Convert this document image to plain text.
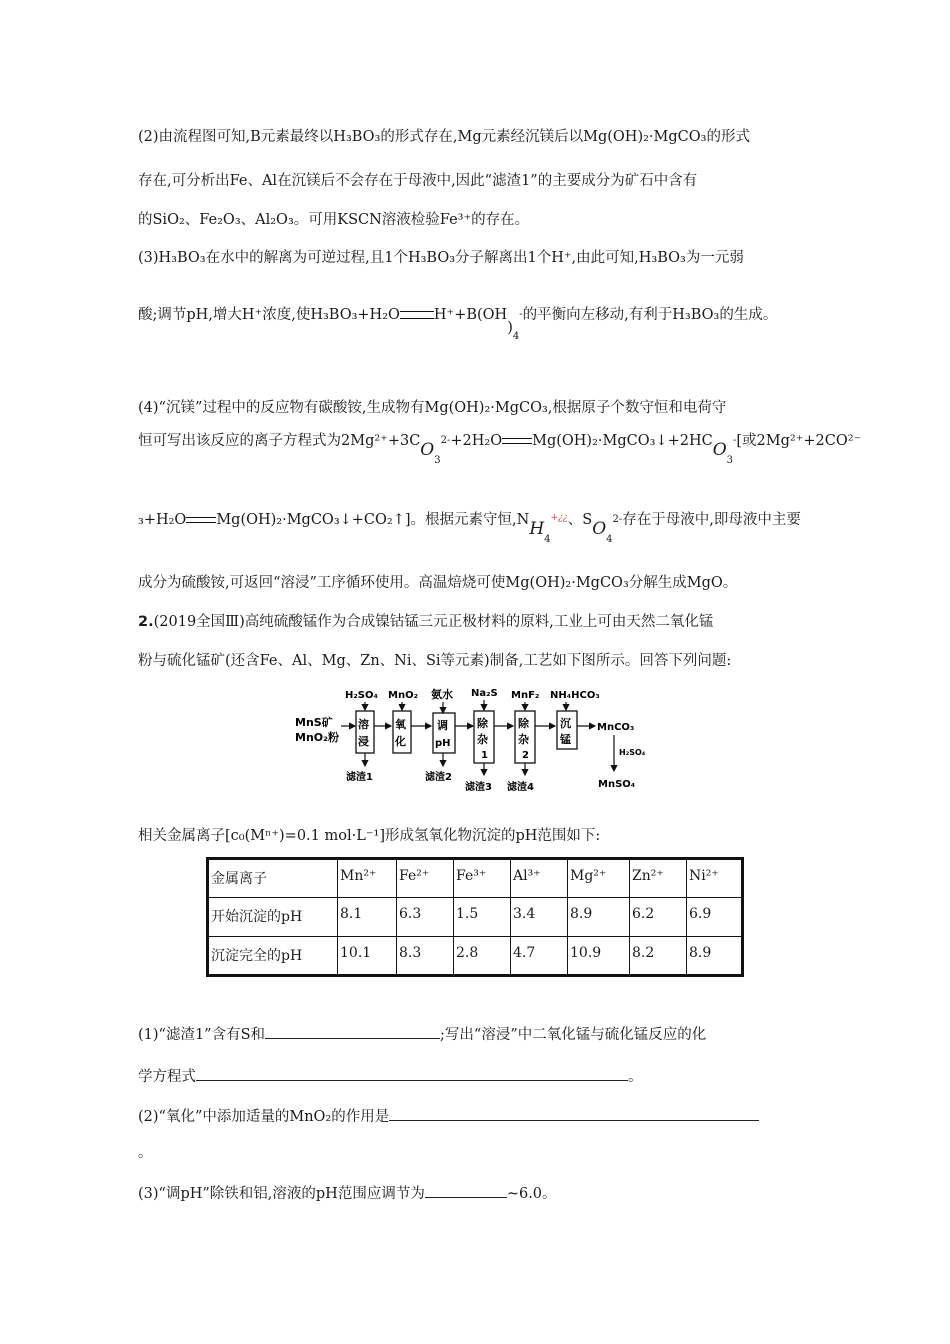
(2)由流程图可知,B元素最终以H₃BO₃的形式存在,Mg元素经沉镁后以Mg(OH)₂·MgCO₃的形式
存在,可分析出Fe、Al在沉镁后不会存在于母液中,因此“滤渣1”的主要成分为矿石中含有
的SiO₂、Fe₂O₃、Al₂O₃。可用KSCN溶液检验Fe³⁺的存在。
(3)H₃BO₃在水中的解离为可逆过程,且1个H₃BO₃分子解离出1个H⁺,由此可知,H₃BO₃为一元弱
酸;调节pH,增大H⁺浓度,使H₃BO₃+H₂O $H^++B(OH)_4-$的平衡向左移动,有利于H₃BO₃的生成。
(4)“沉镁”过程中的反应物有碳酸铵,生成物有Mg(OH)₂·MgCO₃,根据原子个数守恒和电荷守
恒可写出该反应的离子方程式为$2Mg^{2+}+3CO_32-+2H_2O$ $Mg(OH)_2\cdot MgCO_3↓+2HCO_3-$[或2Mg²⁺+2CO²⁻
₃+H₂O Mg(OH)₂·MgCO₃↓+CO₂↑]。根据元素守恒$,NH_4^{+¿¿}$、$SO_42-$存在于母液中,即母液中主要
成分为硫酸铵,可返回“溶浸”工序循环使用。高温焙烧可使Mg(OH)₂·MgCO₃分解生成MgO。
2.(2019全国Ⅲ)高纯硫酸锰作为合成镍钴锰三元正极材料的原料,工业上可由天然二氧化锰
粉与硫化锰矿(还含Fe、Al、Mg、Zn、Ni、Si等元素)制备,工艺如下图所示。回答下列问题:
MnS矿
MnO₂粉
H₂SO₄ MnO₂ 氨水 Na₂S MnF₂ NH₄HCO₃
溶
浸
氧
化
调
pH
除
杂
1
除
杂
2
沉
锰
MnCO₃
H₂SO₄
MnSO₄
滤渣1	滤渣2
滤渣3 滤渣4
相关金属离子[c₀(Mⁿ⁺)=0.1 mol·L⁻¹]形成氢氧化物沉淀的pH范围如下:
金属离子	Mn²⁺	Fe²⁺	Fe³⁺	Al³⁺	Mg²⁺	Zn²⁺	Ni²⁺
开始沉淀的pH	8.1	6.3	1.5	3.4	8.9	6.2	6.9
沉淀完全的pH	10.1	8.3	2.8	4.7	10.9	8.2	8.9
(1)“滤渣1”含有S和	;写出“溶浸”中二氧化锰与硫化锰反应的化
学方程式	。
(2)“氧化”中添加适量的MnO₂的作用是
。
(3)“调pH”除铁和铝,溶液的pH范围应调节为	~6.0。
